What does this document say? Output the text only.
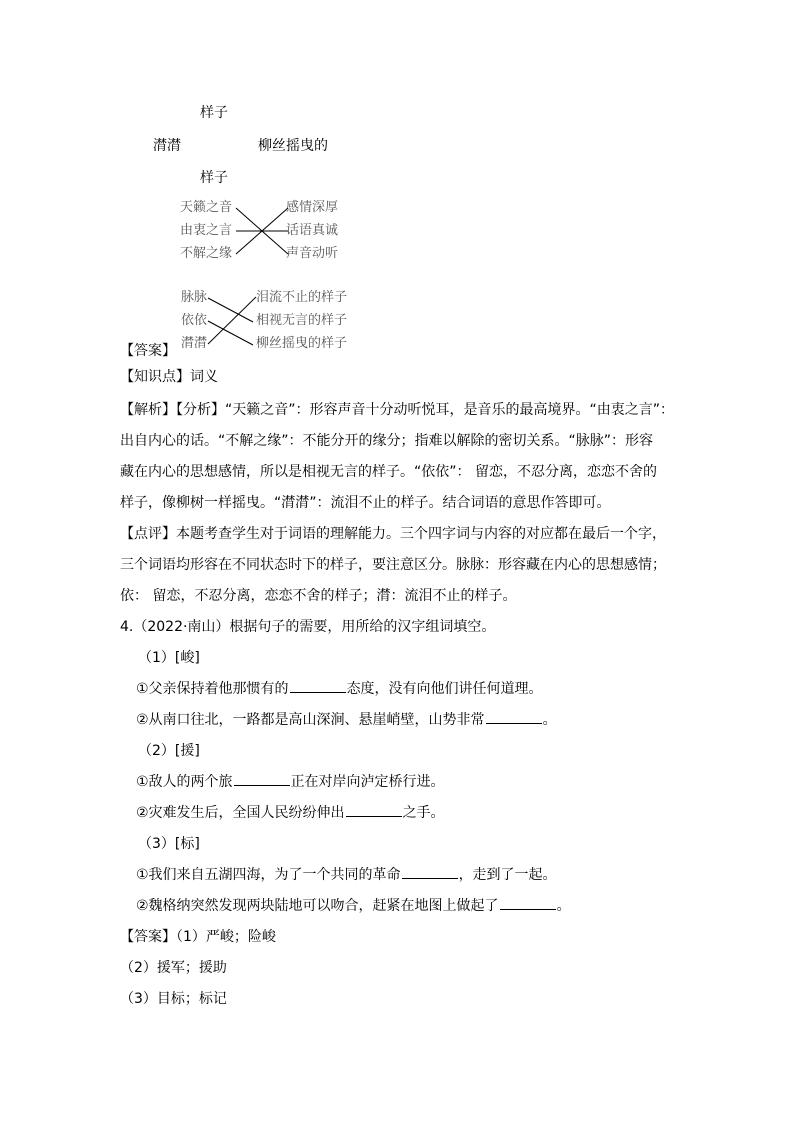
样子
潸潸	柳丝摇曳的
样子
天籁之音
由衷之言
不解之缘
感情深厚
话语真诚
声音动听
脉脉
依依
潸潸
泪流不止的样子
相视无言的样子
柳丝摇曳的样子
【答案】
【知识点】词义
【解析】【分析】“天籁之音”：形容声音十分动听悦耳，是音乐的最高境界。“由衷之言”：
出自内心的话。“不解之缘”：不能分开的缘分；指难以解除的密切关系。“脉脉”：形容
藏在内心的思想感情，所以是相视无言的样子。“依依”： 留恋，不忍分离，恋恋不舍的
样子，像柳树一样摇曳。“潸潸”：流泪不止的样子。结合词语的意思作答即可。
【点评】本题考查学生对于词语的理解能力。三个四字词与内容的对应都在最后一个字，
三个词语均形容在不同状态时下的样子，要注意区分。脉脉：形容藏在内心的思想感情；
依： 留恋，不忍分离，恋恋不舍的样子；潸：流泪不止的样子。
4.（2022·南山）根据句子的需要，用所给的汉字组词填空。
（1）[峻]
①父亲保持着他那惯有的	态度，没有向他们讲任何道理。
②从南口往北，一路都是高山深涧、悬崖峭壁，山势非常	。
（2）[援]
①敌人的两个旅	正在对岸向泸定桥行进。
②灾难发生后，全国人民纷纷伸出	之手。
（3）[标]
①我们来自五湖四海，为了一个共同的革命	，走到了一起。
②魏格纳突然发现两块陆地可以吻合，赶紧在地图上做起了	。
【答案】（1）严峻；险峻
（2）援军；援助
（3）目标；标记
